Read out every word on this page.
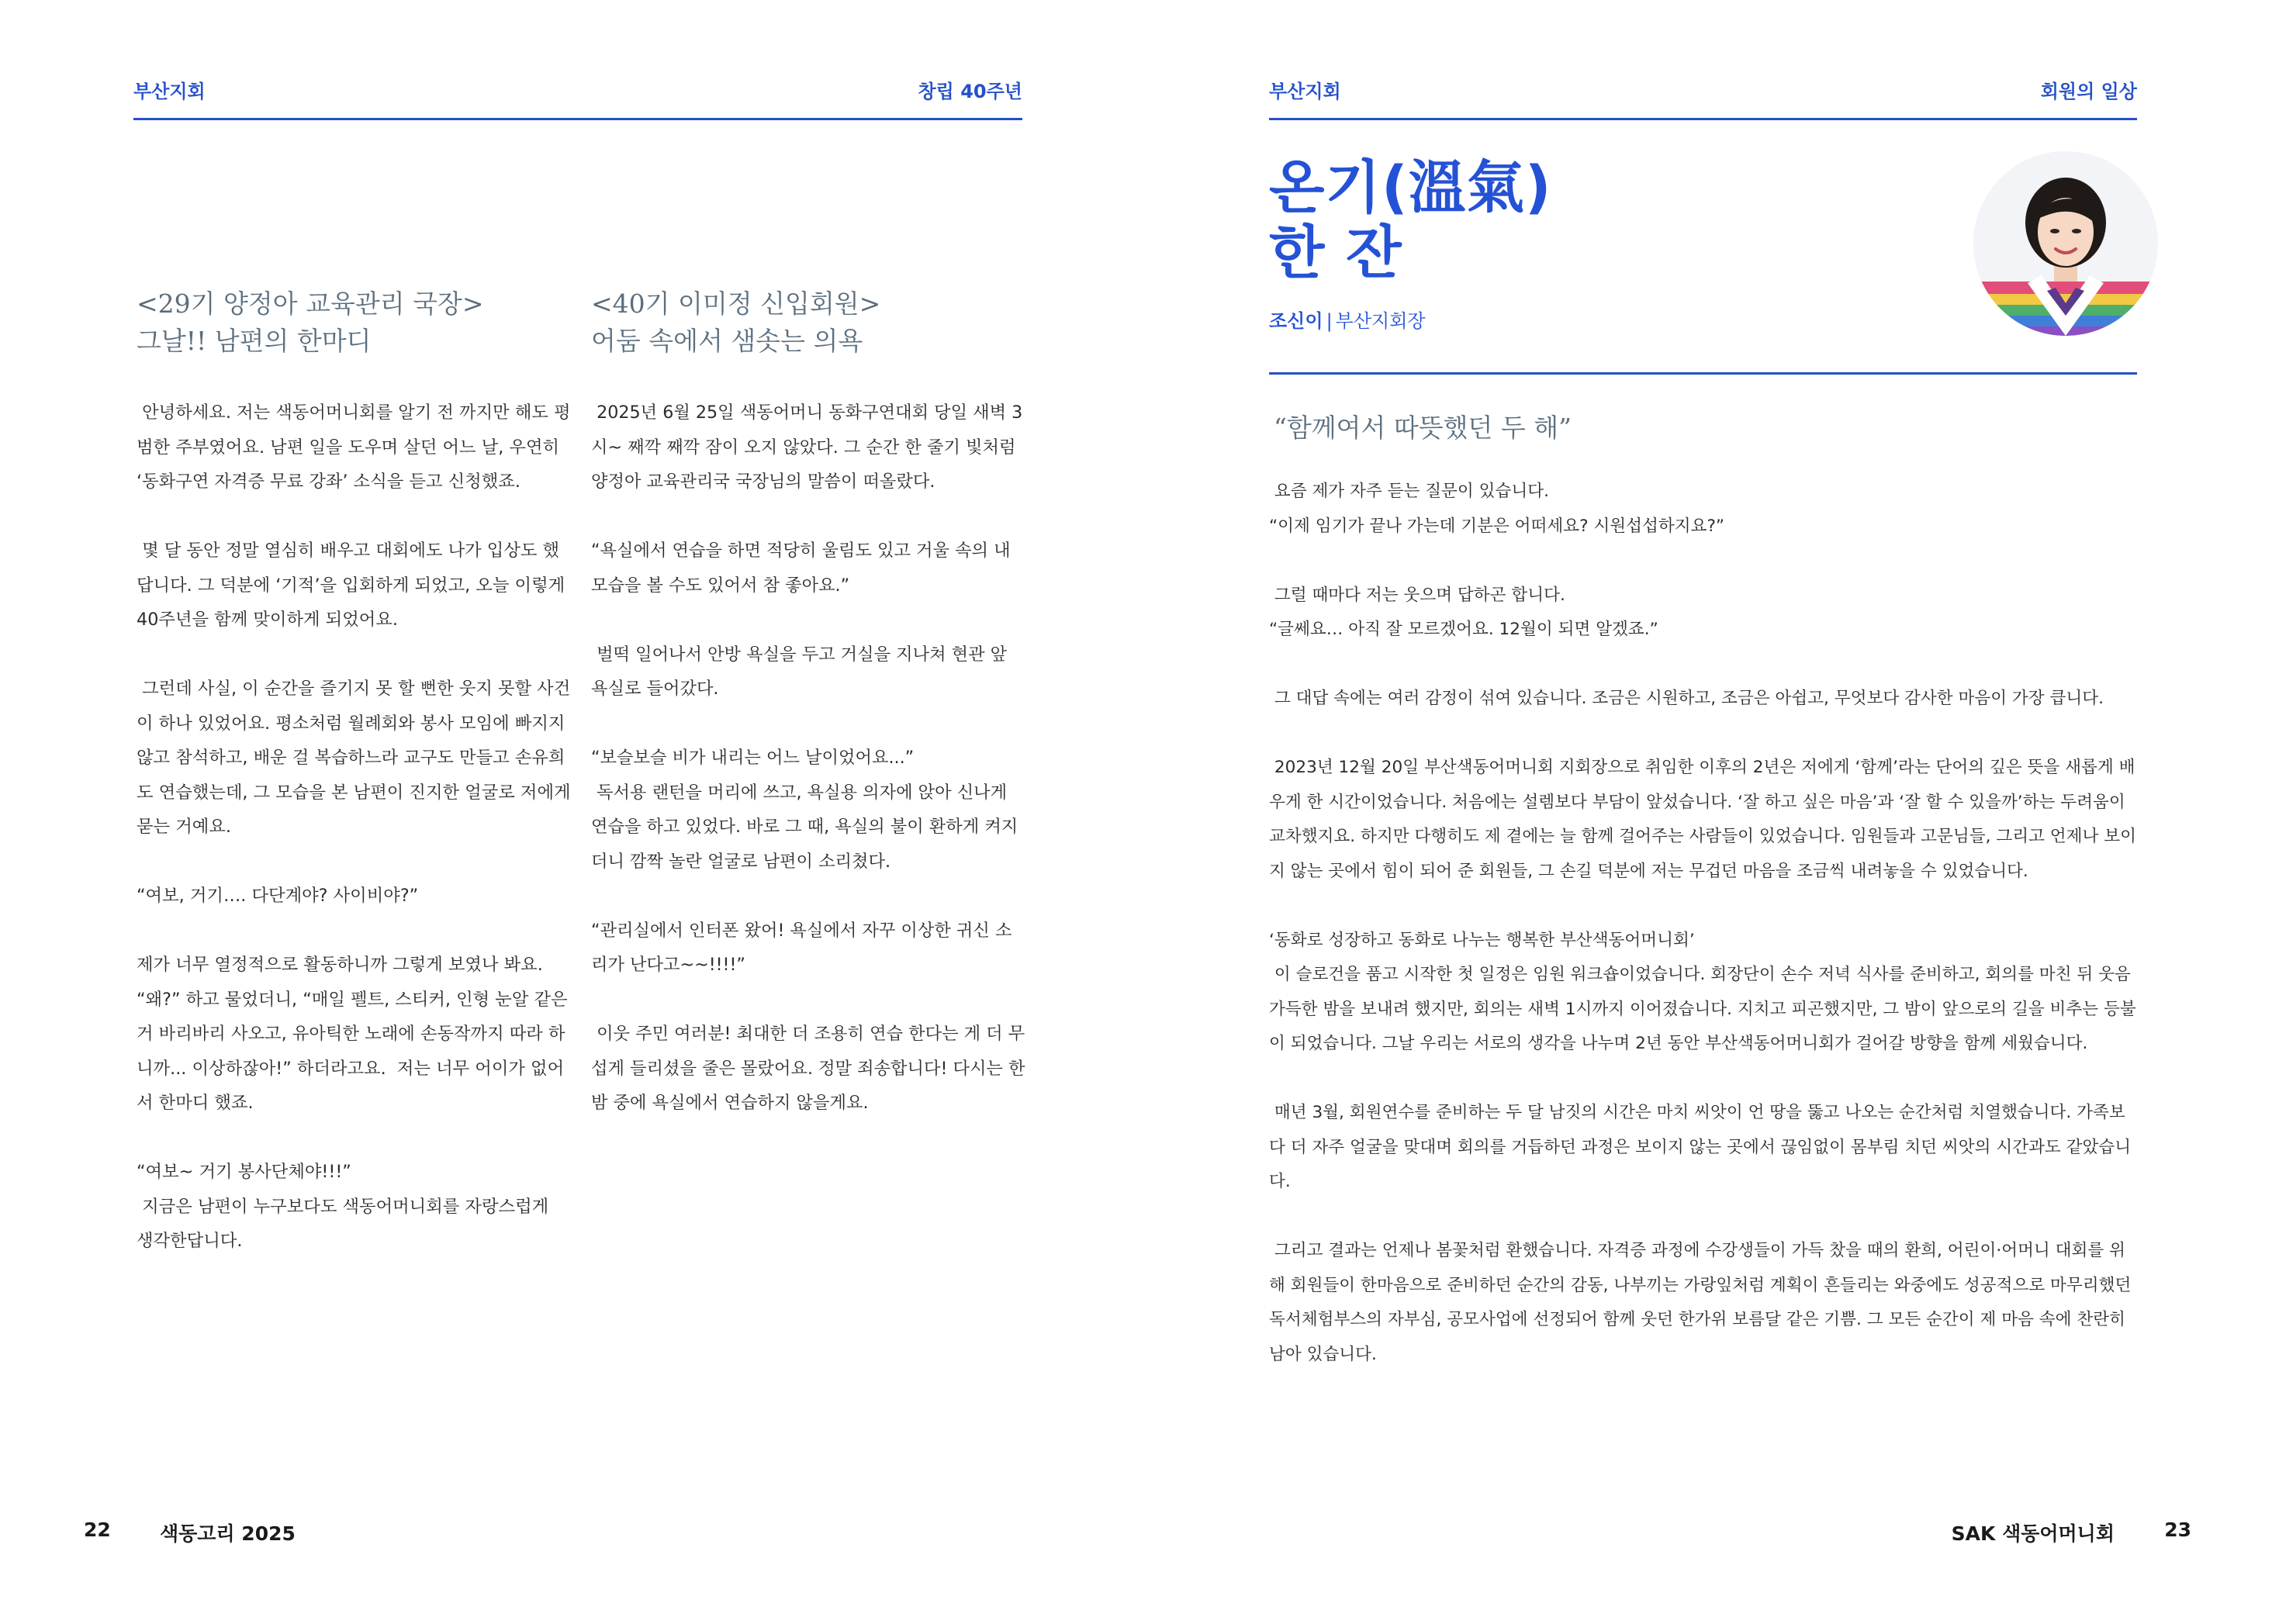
부산지회	창립 40주년
<29기 양정아 교육관리 국장>
그날!! 남편의 한마디

안녕하세요. 저는 색동어머니회를 알기 전 까지만 해도 평

범한 주부였어요. 남편 일을 도우며 살던 어느 날, 우연히

‘동화구연 자격증 무료 강좌’ 소식을 듣고 신청했죠.

몇 달 동안 정말 열심히 배우고 대회에도 나가 입상도 했

답니다. 그 덕분에 ‘기적’을 입회하게 되었고, 오늘 이렇게

40주년을 함께 맞이하게 되었어요.

그런데 사실, 이 순간을 즐기지 못 할 뻔한 웃지 못할 사건

이 하나 있었어요. 평소처럼 월례회와 봉사 모임에 빠지지

않고 참석하고, 배운 걸 복습하느라 교구도 만들고 손유희

도 연습했는데, 그 모습을 본 남편이 진지한 얼굴로 저에게

묻는 거예요.

“여보, 거기…. 다단계야? 사이비야?”

제가 너무 열정적으로 활동하니까 그렇게 보였나 봐요.

“왜?” 하고 물었더니, “매일 펠트, 스티커, 인형 눈알 같은

거 바리바리 사오고, 유아틱한 노래에 손동작까지 따라 하

니까... 이상하잖아!” 하더라고요.  저는 너무 어이가 없어

서 한마디 했죠.

“여보~ 거기 봉사단체야!!!”

지금은 남편이 누구보다도 색동어머니회를 자랑스럽게

생각한답니다.

<40기 이미정 신입회원>
어둠 속에서 샘솟는 의욕

2025년 6월 25일 색동어머니 동화구연대회 당일 새벽 3

시~ 째깍 째깍 잠이 오지 않았다. 그 순간 한 줄기 빛처럼

양정아 교육관리국 국장님의 말씀이 떠올랐다.

“욕실에서 연습을 하면 적당히 울림도 있고 거울 속의 내

모습을 볼 수도 있어서 참 좋아요.”

벌떡 일어나서 안방 욕실을 두고 거실을 지나쳐 현관 앞

욕실로 들어갔다.

“보슬보슬 비가 내리는 어느 날이었어요...”

독서용 랜턴을 머리에 쓰고, 욕실용 의자에 앉아 신나게

연습을 하고 있었다. 바로 그 때, 욕실의 불이 환하게 켜지

더니 깜짝 놀란 얼굴로 남편이 소리쳤다.

“관리실에서 인터폰 왔어! 욕실에서 자꾸 이상한 귀신 소

리가 난다고~~!!!!”

이웃 주민 여러분! 최대한 더 조용히 연습 한다는 게 더 무

섭게 들리셨을 줄은 몰랐어요. 정말 죄송합니다! 다시는 한

밤 중에 욕실에서 연습하지 않을게요.

22	색동고리 2025
부산지회	회원의 일상
온기(溫氣)
한 잔
조신이 | 부산지회장
“함께여서 따뜻했던 두 해”

요즘 제가 자주 듣는 질문이 있습니다.

“이제 임기가 끝나 가는데 기분은 어떠세요? 시원섭섭하지요?”

그럴 때마다 저는 웃으며 답하곤 합니다.

“글쎄요… 아직 잘 모르겠어요. 12월이 되면 알겠죠.”

그 대답 속에는 여러 감정이 섞여 있습니다. 조금은 시원하고, 조금은 아쉽고, 무엇보다 감사한 마음이 가장 큽니다.

2023년 12월 20일 부산색동어머니회 지회장으로 취임한 이후의 2년은 저에게 ‘함께’라는 단어의 깊은 뜻을 새롭게 배

우게 한 시간이었습니다. 처음에는 설렘보다 부담이 앞섰습니다. ‘잘 하고 싶은 마음’과 ‘잘 할 수 있을까’하는 두려움이

교차했지요. 하지만 다행히도 제 곁에는 늘 함께 걸어주는 사람들이 있었습니다. 임원들과 고문님들, 그리고 언제나 보이

지 않는 곳에서 힘이 되어 준 회원들, 그 손길 덕분에 저는 무겁던 마음을 조금씩 내려놓을 수 있었습니다.

‘동화로 성장하고 동화로 나누는 행복한 부산색동어머니회’

이 슬로건을 품고 시작한 첫 일정은 임원 워크숍이었습니다. 회장단이 손수 저녁 식사를 준비하고, 회의를 마친 뒤 웃음

가득한 밤을 보내려 했지만, 회의는 새벽 1시까지 이어졌습니다. 지치고 피곤했지만, 그 밤이 앞으로의 길을 비추는 등불

이 되었습니다. 그날 우리는 서로의 생각을 나누며 2년 동안 부산색동어머니회가 걸어갈 방향을 함께 세웠습니다.

매년 3월, 회원연수를 준비하는 두 달 남짓의 시간은 마치 씨앗이 언 땅을 뚫고 나오는 순간처럼 치열했습니다. 가족보

다 더 자주 얼굴을 맞대며 회의를 거듭하던 과정은 보이지 않는 곳에서 끊임없이 몸부림 치던 씨앗의 시간과도 같았습니

다.

그리고 결과는 언제나 봄꽃처럼 환했습니다. 자격증 과정에 수강생들이 가득 찼을 때의 환희, 어린이·어머니 대회를 위

해 회원들이 한마음으로 준비하던 순간의 감동, 나부끼는 가랑잎처럼 계획이 흔들리는 와중에도 성공적으로 마무리했던

독서체험부스의 자부심, 공모사업에 선정되어 함께 웃던 한가위 보름달 같은 기쁨. 그 모든 순간이 제 마음 속에 찬란히

남아 있습니다.

SAK 색동어머니회	23
